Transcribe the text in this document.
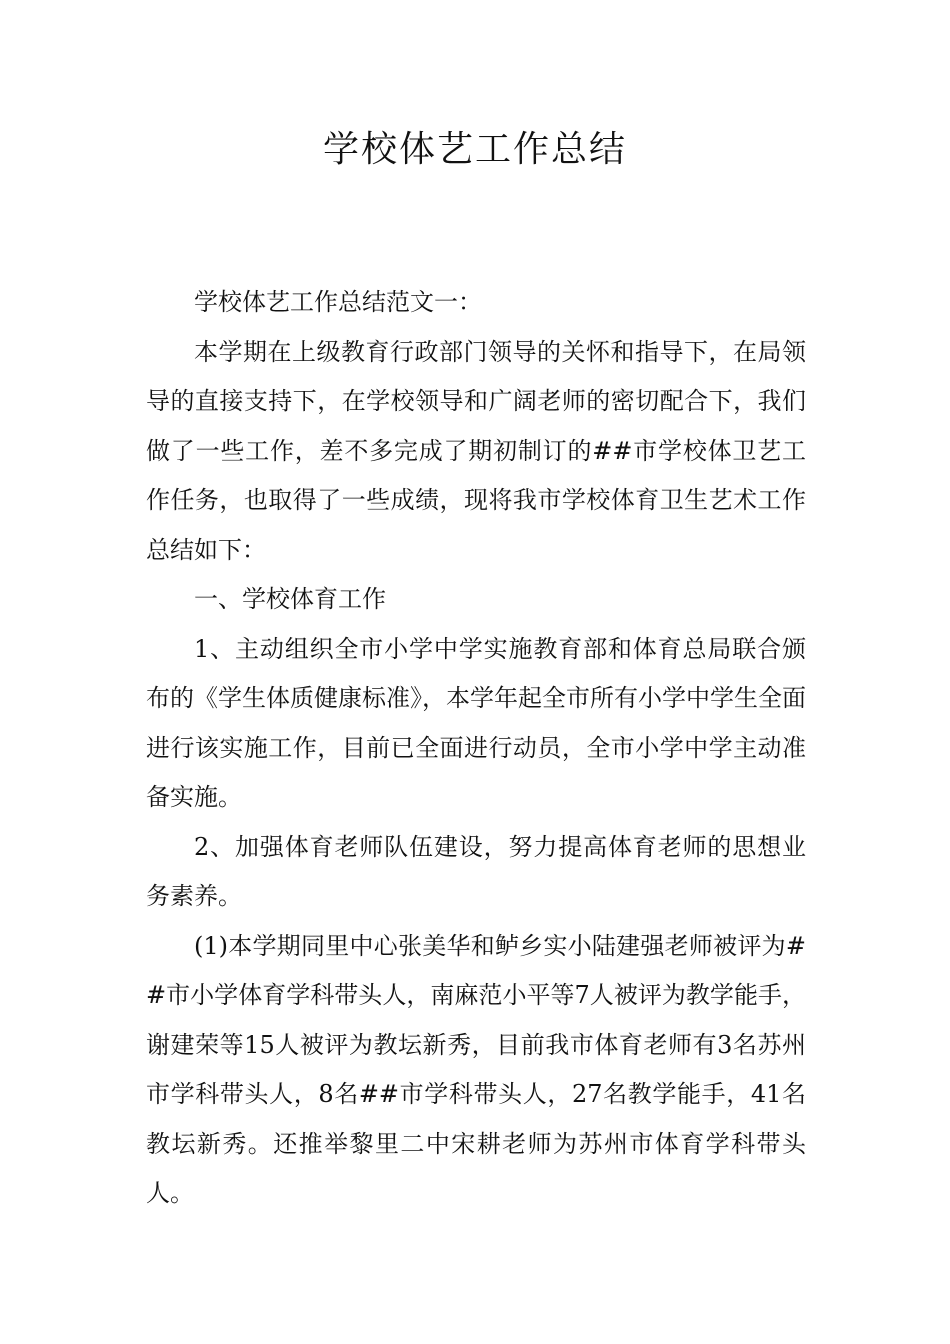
学校体艺工作总结

学校体艺工作总结范文一：

本学期在上级教育行政部门领导的关怀和指导下，在局领导的直接支持下，在学校领导和广阔老师的密切配合下，我们做了一些工作，差不多完成了期初制订的##市学校体卫艺工作任务，也取得了一些成绩，现将我市学校体育卫生艺术工作总结如下：

一、学校体育工作

1、主动组织全市小学中学实施教育部和体育总局联合颁布的《学生体质健康标准》，本学年起全市所有小学中学生全面进行该实施工作，目前已全面进行动员，全市小学中学主动准备实施。

2、加强体育老师队伍建设，努力提高体育老师的思想业务素养。

(1)本学期同里中心张美华和鲈乡实小陆建强老师被评为##市小学体育学科带头人，南麻范小平等7人被评为教学能手，谢建荣等15人被评为教坛新秀，目前我市体育老师有3名苏州市学科带头人，8名##市学科带头人，27名教学能手，41名教坛新秀。还推举黎里二中宋耕老师为苏州市体育学科带头人。
